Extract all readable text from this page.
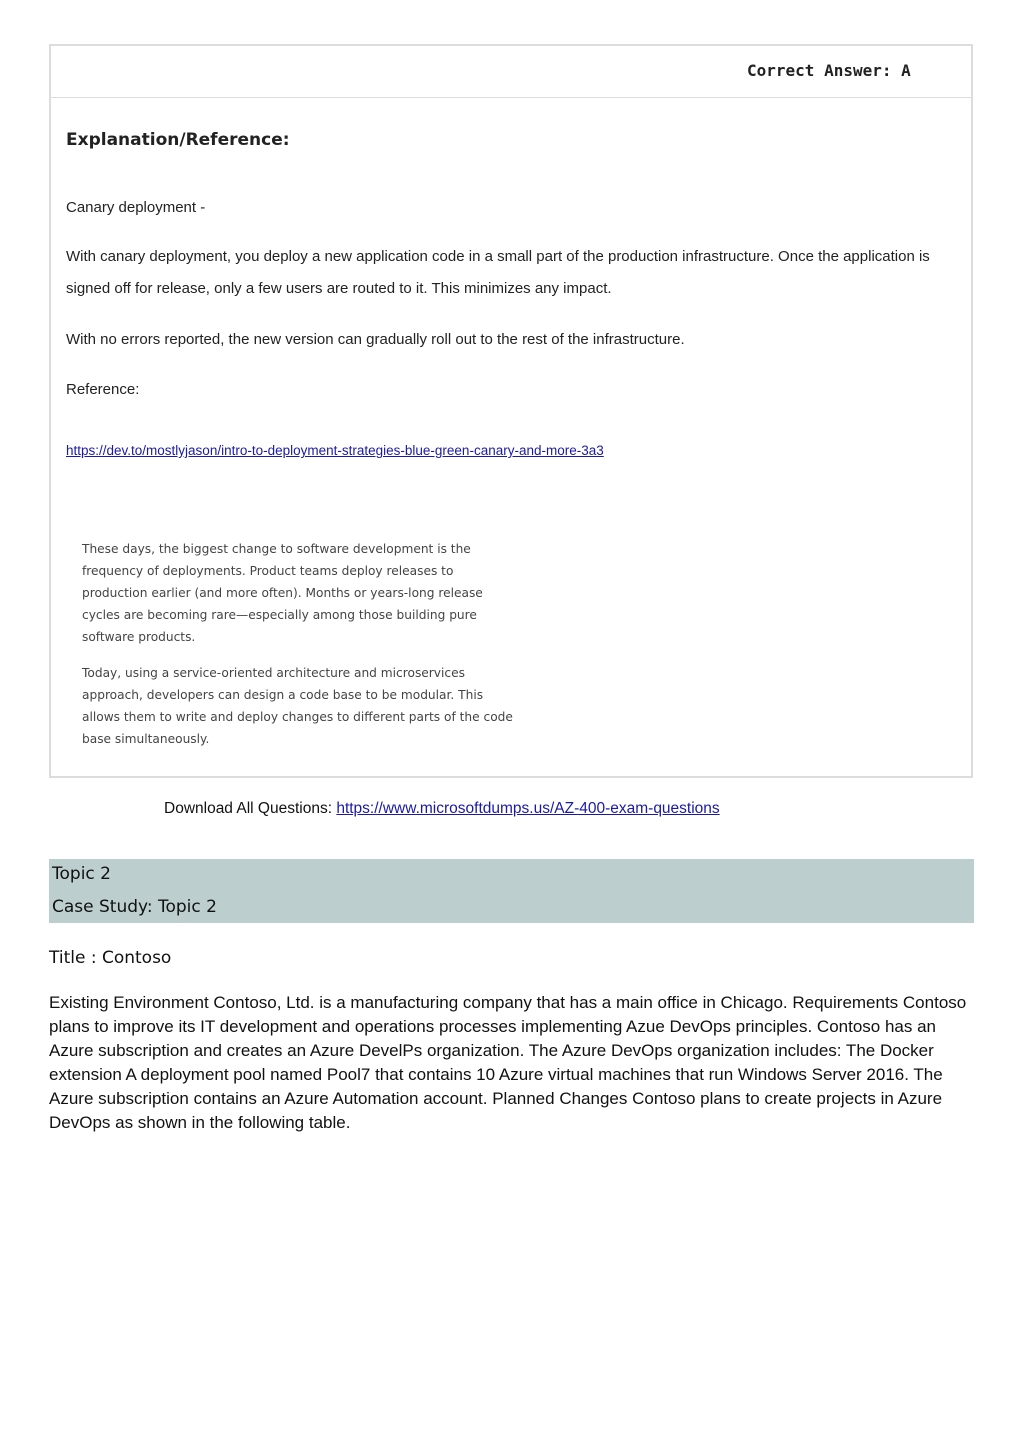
Correct Answer: A
Explanation/Reference:
Canary deployment -
With canary deployment, you deploy a new application code in a small part of the production infrastructure. Once the application is signed off for release, only a few users are routed to it. This minimizes any impact.
With no errors reported, the new version can gradually roll out to the rest of the infrastructure.
Reference:
https://dev.to/mostlyjason/intro-to-deployment-strategies-blue-green-canary-and-more-3a3

These days, the biggest change to software development is the frequency of deployments. Product teams deploy releases to production earlier (and more often). Months or years-long release cycles are becoming rare—especially among those building pure software products.

Today, using a service-oriented architecture and microservices approach, developers can design a code base to be modular. This allows them to write and deploy changes to different parts of the code base simultaneously.

Download All Questions: https://www.microsoftdumps.us/AZ-400-exam-questions
Topic 2
Case Study: Topic 2
Title : Contoso
Existing Environment Contoso, Ltd. is a manufacturing company that has a main office in Chicago. Requirements Contoso plans to improve its IT development and operations processes implementing Azue DevOps principles. Contoso has an Azure subscription and creates an Azure DevelPs organization. The Azure DevOps organization includes: The Docker extension A deployment pool named Pool7 that contains 10 Azure virtual machines that run Windows Server 2016. The Azure subscription contains an Azure Automation account. Planned Changes Contoso plans to create projects in Azure DevOps as shown in the following table.
